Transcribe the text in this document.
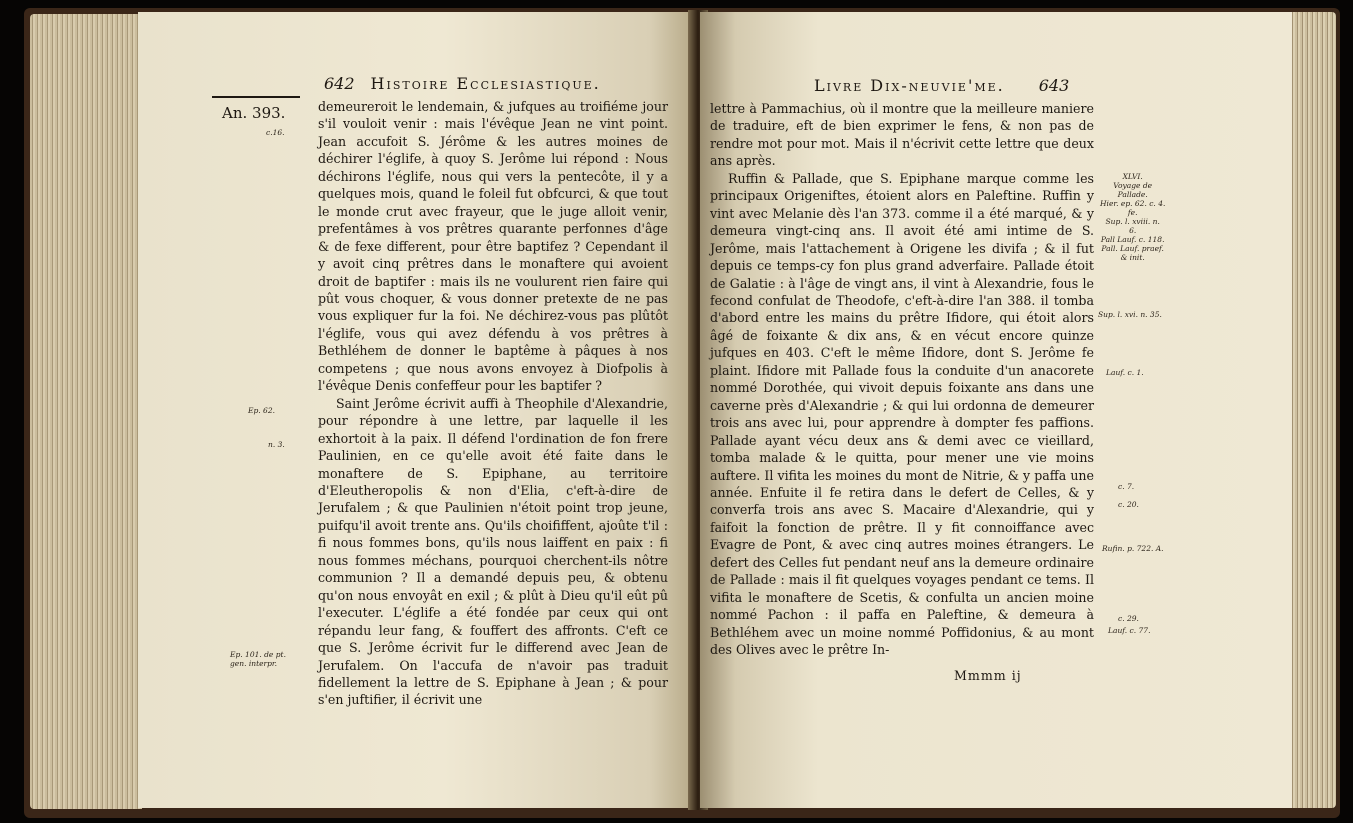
642 Histoire Ecclesiastique.
An. 393.
c.16.
Ep. 62.
n. 3.
Ep. 101. de pt.
gen. interpr.

demeureroit le lendemain, & jufques au troifiéme jour s'il vouloit venir : mais l'évêque Jean ne vint point. Jean accufoit S. Jérôme & les autres moines de déchirer l'églife, à quoy S. Jerôme lui répond : Nous déchirons l'églife, nous qui vers la pentecôte, il y a quelques mois, quand le foleil fut obfcurci, & que tout le monde crut avec frayeur, que le juge alloit venir, prefentâmes à vos prêtres quarante perfonnes d'âge & de fexe different, pour être baptifez ? Cependant il y avoit cinq prêtres dans le monaftere qui avoient droit de baptifer : mais ils ne voulurent rien faire qui pût vous choquer, & vous donner pretexte de ne pas vous expliquer fur la foi. Ne déchirez-vous pas plûtôt l'églife, vous qui avez défendu à vos prêtres à Bethléhem de donner le baptême à pâques à nos competens ; que nous avons envoyez à Diofpolis à l'évêque Denis confeffeur pour les baptifer ?

Saint Jerôme écrivit auffi à Theophile d'Alexandrie, pour répondre à une lettre, par laquelle il les exhortoit à la paix. Il défend l'ordination de fon frere Paulinien, en ce qu'elle avoit été faite dans le monaftere de S. Epiphane, au territoire d'Eleutheropolis & non d'Elia, c'eft-à-dire de Jerufalem ; & que Paulinien n'étoit point trop jeune, puifqu'il avoit trente ans. Qu'ils choififfent, ajoûte t'il : fi nous fommes bons, qu'ils nous laiffent en paix : fi nous fommes méchans, pourquoi cherchent-ils nôtre communion ? Il a demandé depuis peu, & obtenu qu'on nous envoyât en exil ; & plût à Dieu qu'il eût pû l'executer. L'églife a été fondée par ceux qui ont répandu leur fang, & fouffert des affronts. C'eft ce que S. Jerôme écrivit fur le differend avec Jean de Jerufalem. On l'accufa de n'avoir pas traduit fidellement la lettre de S. Epiphane à Jean ; & pour s'en juftifier, il écrivit une

Livre Dix-neuvie'me. 643

lettre à Pammachius, où il montre que la meilleure maniere de traduire, eft de bien exprimer le fens, & non pas de rendre mot pour mot. Mais il n'écrivit cette lettre que deux ans après.

Ruffin & Pallade, que S. Epiphane marque comme les principaux Origeniftes, étoient alors en Paleftine. Ruffin y vint avec Melanie dès l'an 373. comme il a été marqué, & y demeura vingt-cinq ans. Il avoit été ami intime de S. Jerôme, mais l'attachement à Origene les divifa ; & il fut depuis ce temps-cy fon plus grand adverfaire. Pallade étoit de Galatie : à l'âge de vingt ans, il vint à Alexandrie, fous le fecond confulat de Theodofe, c'eft-à-dire l'an 388. il tomba d'abord entre les mains du prêtre Ifidore, qui étoit alors âgé de foixante & dix ans, & en vécut encore quinze jufques en 403. C'eft le même Ifidore, dont S. Jerôme fe plaint. Ifidore mit Pallade fous la conduite d'un anacorete nommé Dorothée, qui vivoit depuis foixante ans dans une caverne près d'Alexandrie ; & qui lui ordonna de demeurer trois ans avec lui, pour apprendre à dompter fes paffions. Pallade ayant vécu deux ans & demi avec ce vieillard, tomba malade & le quitta, pour mener une vie moins auftere. Il vifita les moines du mont de Nitrie, & y paffa une année. Enfuite il fe retira dans le defert de Celles, & y converfa trois ans avec S. Macaire d'Alexandrie, qui y faifoit la fonction de prêtre. Il y fit connoiffance avec Evagre de Pont, & avec cinq autres moines étrangers. Le defert des Celles fut pendant neuf ans la demeure ordinaire de Pallade : mais il fit quelques voyages pendant ce tems. Il vifita le monaftere de Scetis, & confulta un ancien moine nommé Pachon : il paffa en Paleftine, & demeura à Bethléhem avec un moine nommé Poffidonius, & au mont des Olives avec le prêtre In-

XLVI.
Voyage de
Pallade.
Hier. ep. 62. c. 4.
fe.
Sup. l. xviii. n.
6.
Pall Lauf. c. 118.
Pall. Lauf. praef.
& init.
Sup. l. xvi. n. 35.
Lauf. c. 1.
c. 7.
c. 20.
Rufin. p. 722. A.
c. 29.
Lauf. c. 77.
Mmmm ij
